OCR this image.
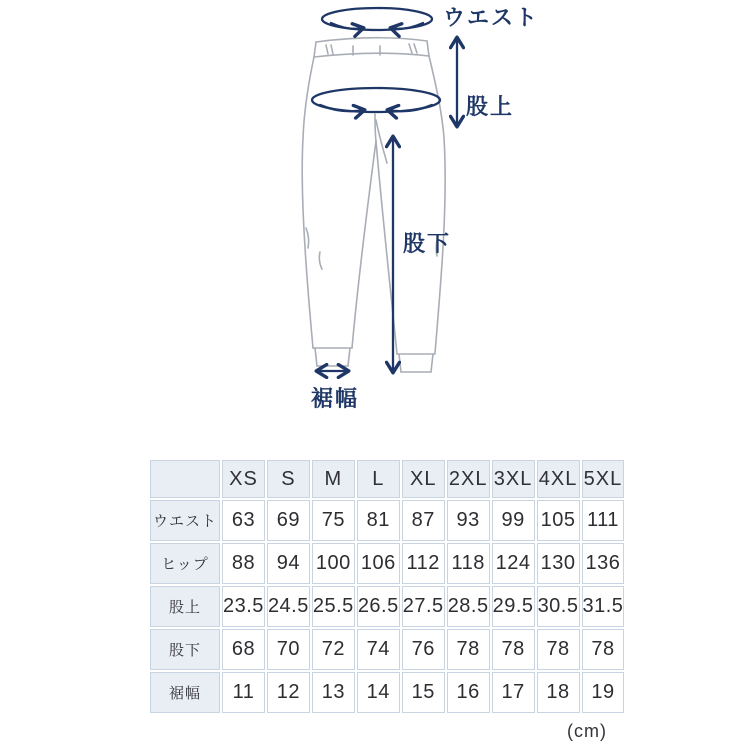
ウエスト
股上
股下
裾幅
	XS	S	M	L	XL	2XL	3XL	4XL	5XL
ウエスト	63	69	75	81	87	93	99	105	111
ヒップ	88	94	100	106	112	118	124	130	136
股上	23.5	24.5	25.5	26.5	27.5	28.5	29.5	30.5	31.5
股下	68	70	72	74	76	78	78	78	78
裾幅	11	12	13	14	15	16	17	18	19
(cm)
